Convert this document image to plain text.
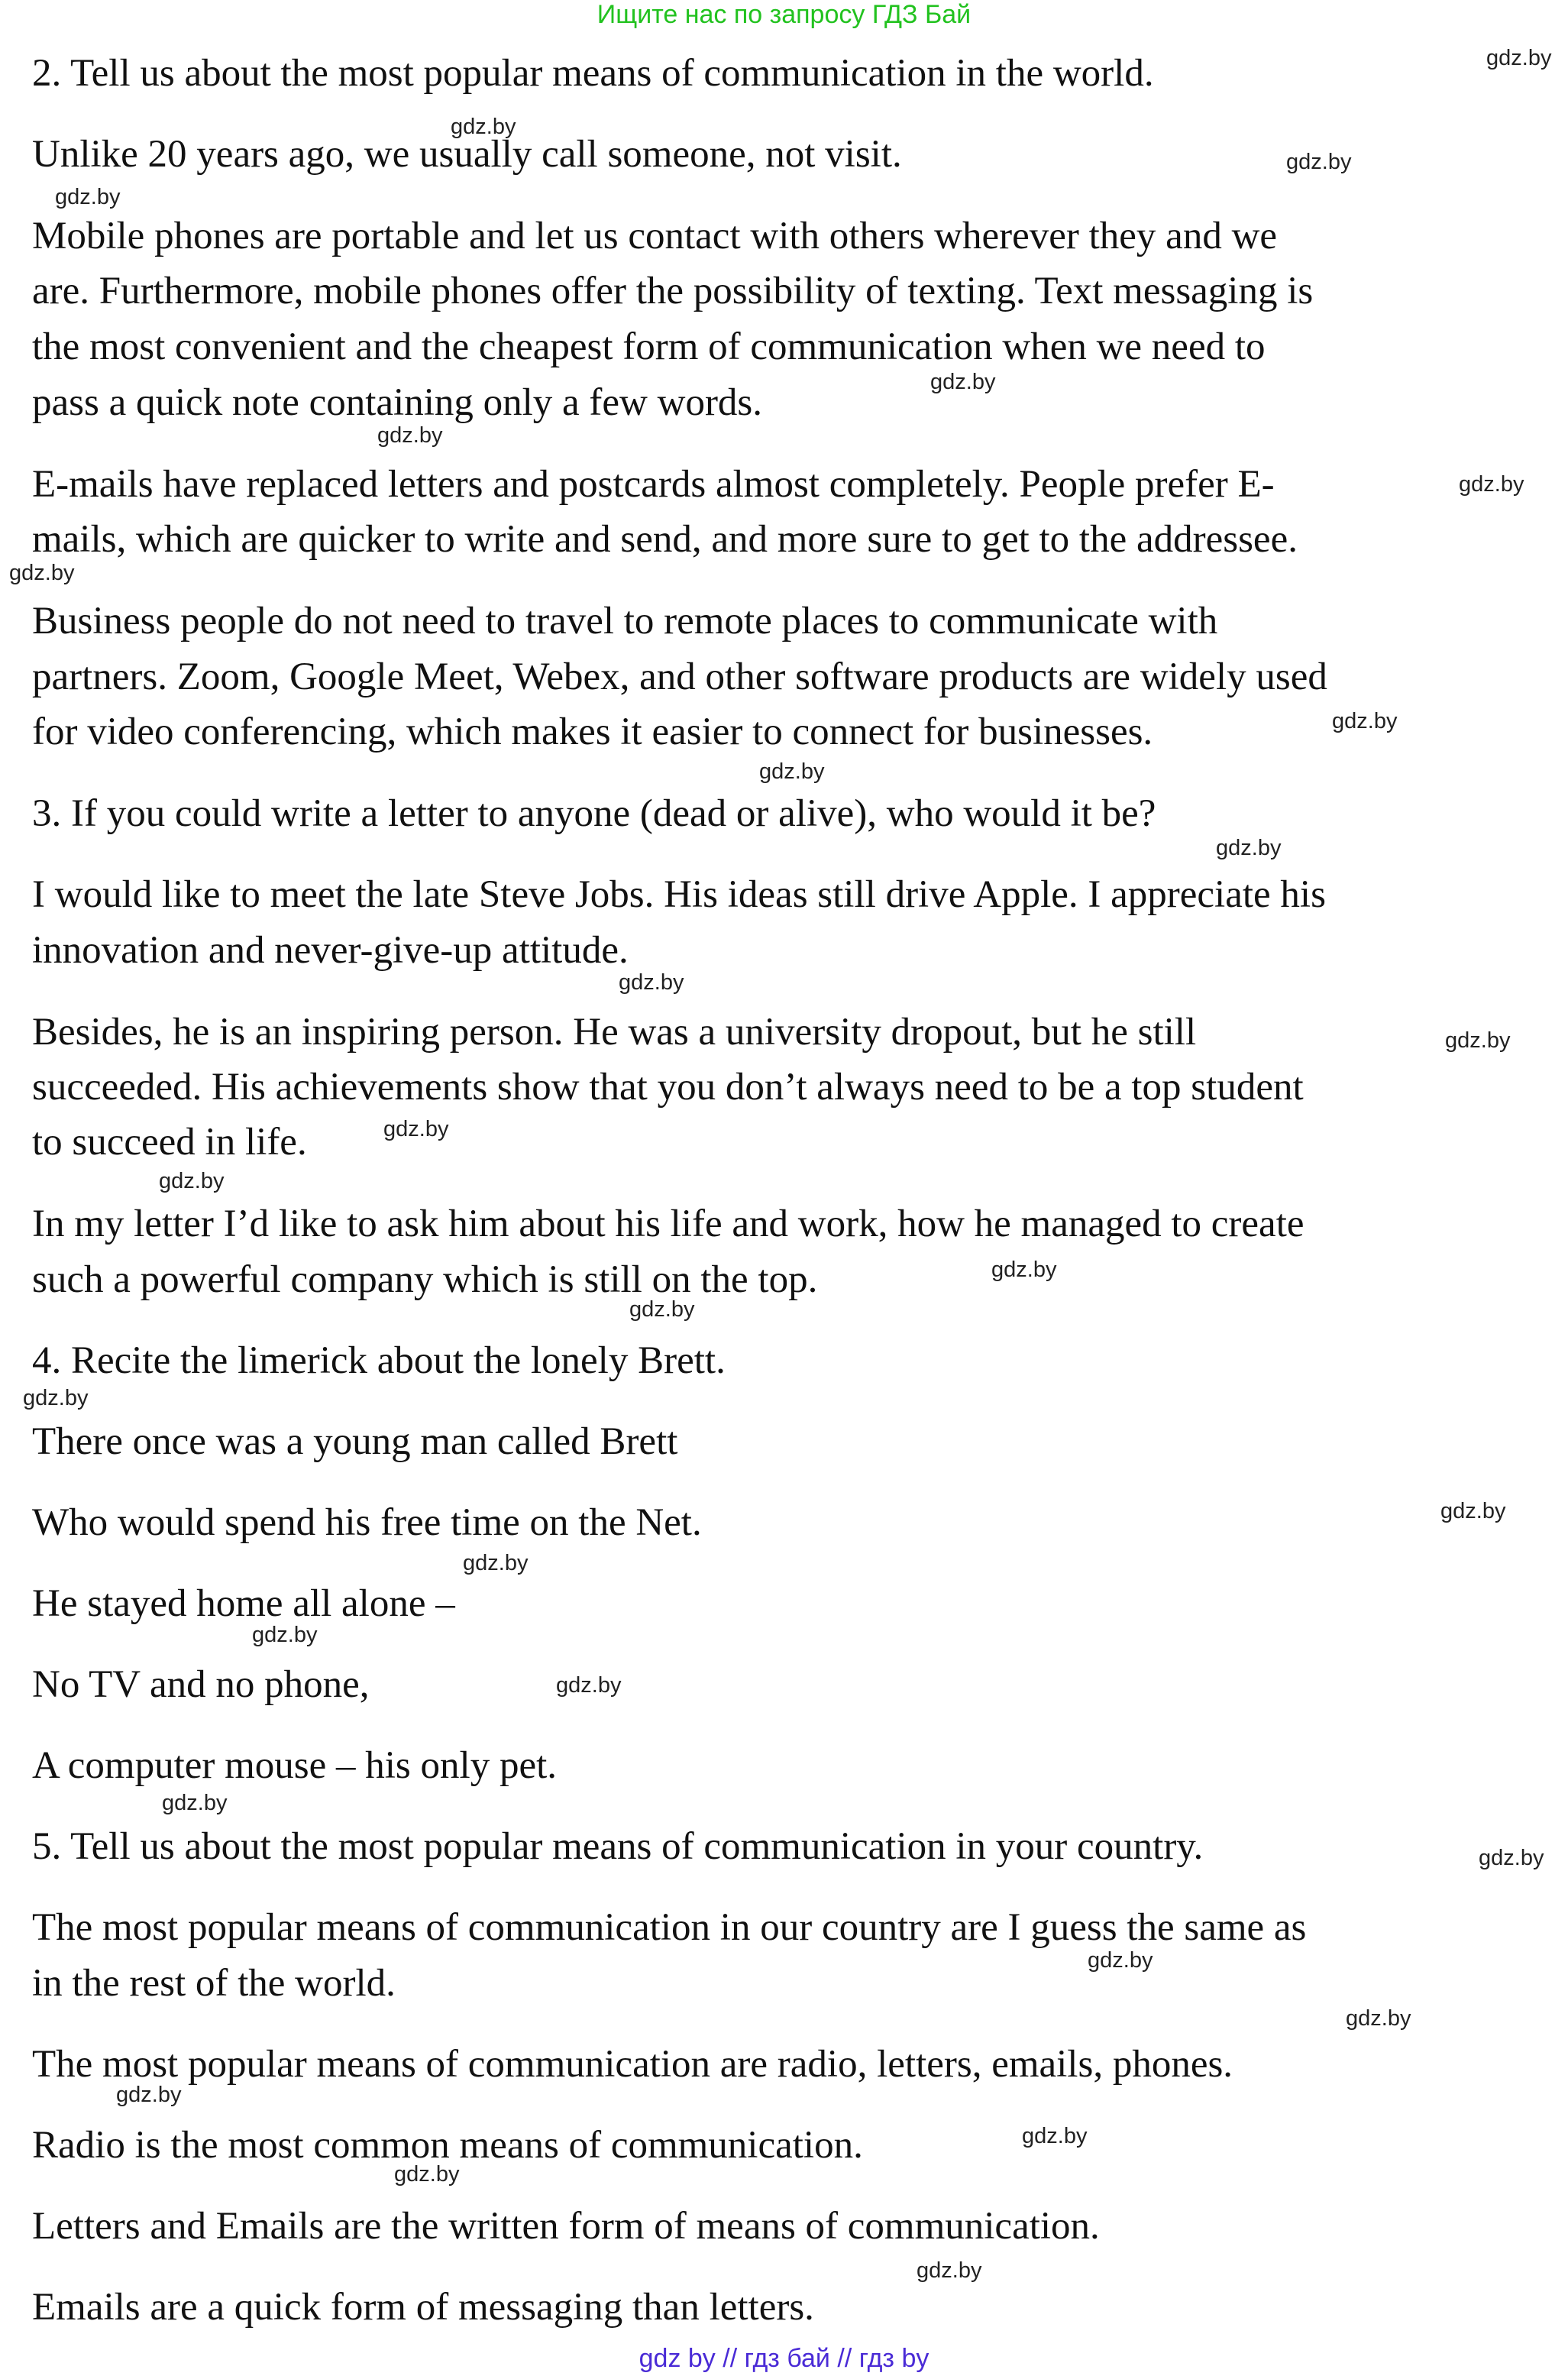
Ищите нас по запросу ГДЗ Бай
2. Tell us about the most popular means of communication in the world.
Unlike 20 years ago, we usually call someone, not visit.
Mobile phones are portable and let us contact with others wherever they and we
are. Furthermore, mobile phones offer the possibility of texting. Text messaging is
the most convenient and the cheapest form of communication when we need to
pass a quick note containing only a few words.
E-mails have replaced letters and postcards almost completely. People prefer E-
mails, which are quicker to write and send, and more sure to get to the addressee.
Business people do not need to travel to remote places to communicate with
partners. Zoom, Google Meet, Webex, and other software products are widely used
for video conferencing, which makes it easier to connect for businesses.
3. If you could write a letter to anyone (dead or alive), who would it be?
I would like to meet the late Steve Jobs. His ideas still drive Apple. I appreciate his
innovation and never-give-up attitude.
Besides, he is an inspiring person. He was a university dropout, but he still
succeeded. His achievements show that you don’t always need to be a top student
to succeed in life.
In my letter I’d like to ask him about his life and work, how he managed to create
such a powerful company which is still on the top.
4. Recite the limerick about the lonely Brett.
There once was a young man called Brett
Who would spend his free time on the Net.
He stayed home all alone –
No TV and no phone,
A computer mouse – his only pet.
5. Tell us about the most popular means of communication in your country.
The most popular means of communication in our country are I guess the same as
in the rest of the world.
The most popular means of communication are radio, letters, emails, phones.
Radio is the most common means of communication.
Letters and Emails are the written form of means of communication.
Emails are a quick form of messaging than letters.
gdz.by
gdz.by
gdz.by
gdz.by
gdz.by
gdz.by
gdz.by
gdz.by
gdz.by
gdz.by
gdz.by
gdz.by
gdz.by
gdz.by
gdz.by
gdz.by
gdz.by
gdz.by
gdz.by
gdz.by
gdz.by
gdz.by
gdz.by
gdz.by
gdz.by
gdz.by
gdz.by
gdz.by
gdz.by
gdz.by
gdz by // гдз бай // гдз by
